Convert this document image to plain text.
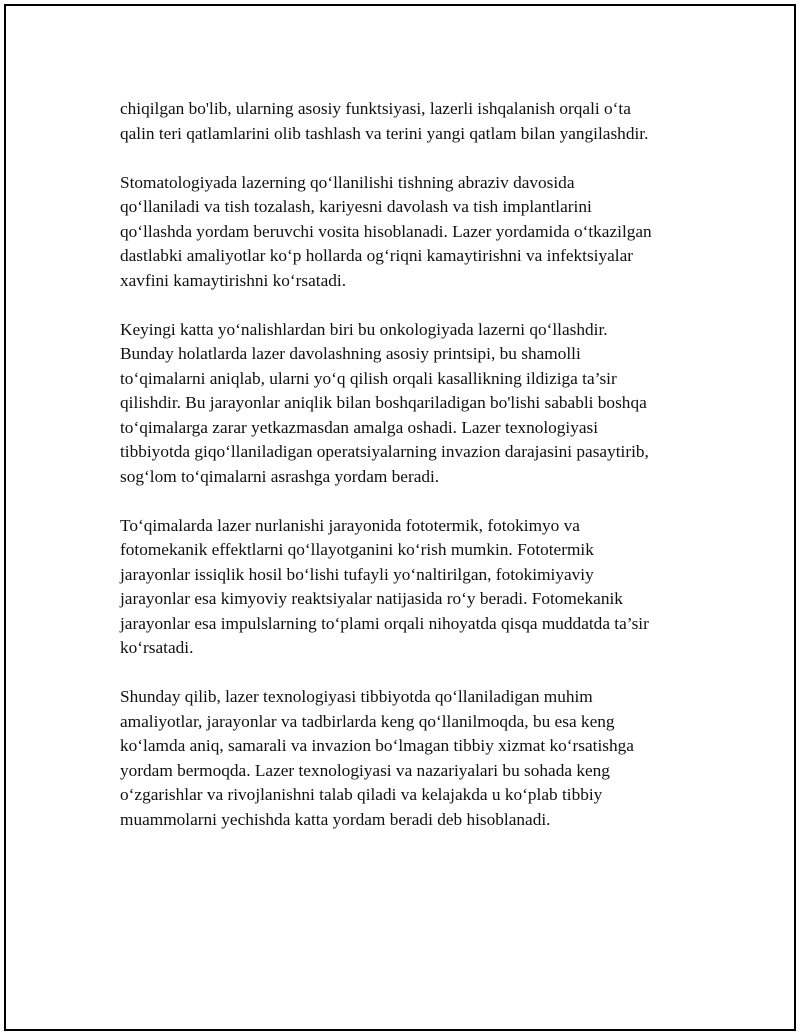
chiqilgan bo'lib, ularning asosiy funktsiyasi, lazerli ishqalanish orqali o‘ta
qalin teri qatlamlarini olib tashlash va terini yangi qatlam bilan yangilashdir.

Stomatologiyada lazerning qo‘llanilishi tishning abraziv davosida
qo‘llaniladi va tish tozalash, kariyesni davolash va tish implantlarini
qo‘llashda yordam beruvchi vosita hisoblanadi. Lazer yordamida o‘tkazilgan
dastlabki amaliyotlar ko‘p hollarda og‘riqni kamaytirishni va infektsiyalar
xavfini kamaytirishni ko‘rsatadi.

Keyingi katta yo‘nalishlardan biri bu onkologiyada lazerni qo‘llashdir.
Bunday holatlarda lazer davolashning asosiy printsipi, bu shamolli
to‘qimalarni aniqlab, ularni yo‘q qilish orqali kasallikning ildiziga ta’sir
qilishdir. Bu jarayonlar aniqlik bilan boshqariladigan bo'lishi sababli boshqa
to‘qimalarga zarar yetkazmasdan amalga oshadi. Lazer texnologiyasi
tibbiyotda giqo‘llaniladigan operatsiyalarning invazion darajasini pasaytirib,
sog‘lom to‘qimalarni asrashga yordam beradi.

To‘qimalarda lazer nurlanishi jarayonida fototermik, fotokimyo va
fotomekanik effektlarni qo‘llayotganini ko‘rish mumkin. Fototermik
jarayonlar issiqlik hosil bo‘lishi tufayli yo‘naltirilgan, fotokimiyaviy
jarayonlar esa kimyoviy reaktsiyalar natijasida ro‘y beradi. Fotomekanik
jarayonlar esa impulslarning to‘plami orqali nihoyatda qisqa muddatda ta’sir
ko‘rsatadi.

Shunday qilib, lazer texnologiyasi tibbiyotda qo‘llaniladigan muhim
amaliyotlar, jarayonlar va tadbirlarda keng qo‘llanilmoqda, bu esa keng
ko‘lamda aniq, samarali va invazion bo‘lmagan tibbiy xizmat ko‘rsatishga
yordam bermoqda. Lazer texnologiyasi va nazariyalari bu sohada keng
o‘zgarishlar va rivojlanishni talab qiladi va kelajakda u ko‘plab tibbiy
muammolarni yechishda katta yordam beradi deb hisoblanadi.
